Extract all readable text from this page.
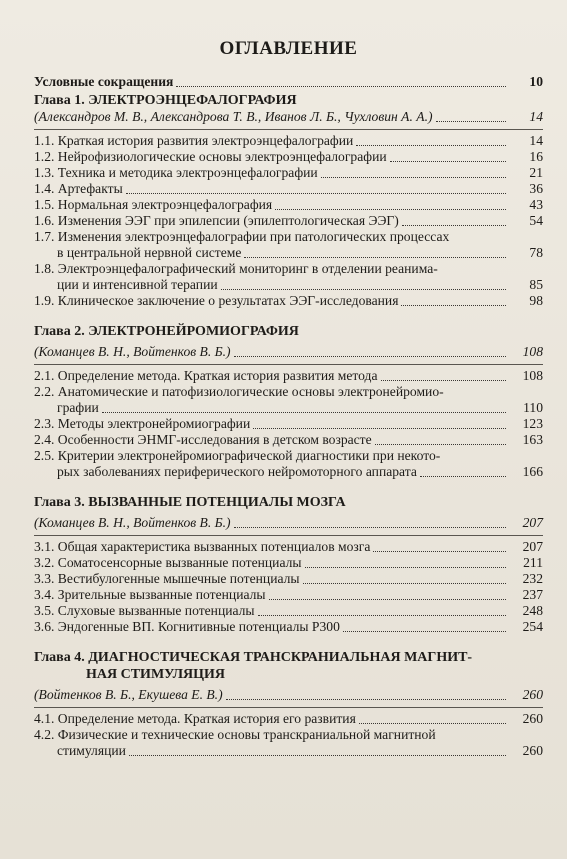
ОГЛАВЛЕНИЕ
Условные сокращения	10
Глава 1. ЭЛЕКТРОЭНЦЕФАЛОГРАФИЯ
(Александров М. В., Александрова Т. В., Иванов Л. Б., Чухловин А. А.)	14
1.1. Краткая история развития электроэнцефалографии	14
1.2. Нейрофизиологические основы электроэнцефалографии	16
1.3. Техника и методика электроэнцефалографии	21
1.4. Артефакты	36
1.5. Нормальная электроэнцефалография	43
1.6. Изменения ЭЭГ при эпилепсии (эпилептологическая ЭЭГ)	54
1.7. Изменения электроэнцефалографии при патологических процессах
в центральной нервной системе	78
1.8. Электроэнцефалографический мониторинг в отделении реанима-
ции и интенсивной терапии	85
1.9. Клиническое заключение о результатах ЭЭГ-исследования	98
Глава 2. ЭЛЕКТРОНЕЙРОМИОГРАФИЯ
(Команцев В. Н., Войтенков В. Б.)	108
2.1. Определение метода. Краткая история развития метода	108
2.2. Анатомические и патофизиологические основы электронейромио-
графии	110
2.3. Методы электронейромиографии	123
2.4. Особенности ЭНМГ-исследования в детском возрасте	163
2.5. Критерии электронейромиографической диагностики при некото-
рых заболеваниях периферического нейромоторного аппарата	166
Глава 3. ВЫЗВАННЫЕ ПОТЕНЦИАЛЫ МОЗГА
(Команцев В. Н., Войтенков В. Б.)	207
3.1. Общая характеристика вызванных потенциалов мозга	207
3.2. Соматосенсорные вызванные потенциалы	211
3.3. Вестибулогенные мышечные потенциалы	232
3.4. Зрительные вызванные потенциалы	237
3.5. Слуховые вызванные потенциалы	248
3.6. Эндогенные ВП. Когнитивные потенциалы Р300	254
Глава 4. ДИАГНОСТИЧЕСКАЯ ТРАНСКРАНИАЛЬНАЯ МАГНИТ-
НАЯ СТИМУЛЯЦИЯ
(Войтенков В. Б., Екушева Е. В.)	260
4.1. Определение метода. Краткая история его развития	260
4.2. Физические и технические основы транскраниальной магнитной
стимуляции	260
